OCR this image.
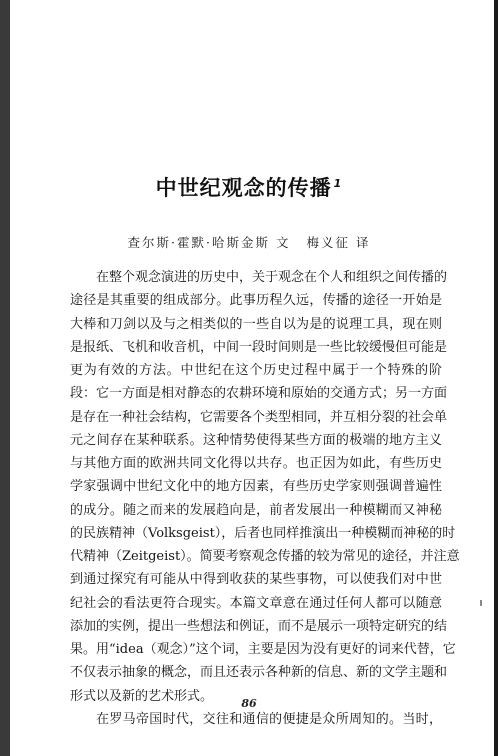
中世纪观念的传播 $^1$
查尔斯·霍默·哈斯金斯 文 梅义征 译
在整个观念演进的历史中，关于观念在个人和组织之间传播的
途径是其重要的组成部分。此事历程久远，传播的途径一开始是
大棒和刀剑以及与之相类似的一些自以为是的说理工具，现在则
是报纸、飞机和收音机，中间一段时间则是一些比较缓慢但可能是
更为有效的方法。中世纪在这个历史过程中属于一个特殊的阶
段：它一方面是相对静态的农耕环境和原始的交通方式；另一方面
是存在一种社会结构，它需要各个类型相同，并互相分裂的社会单
元之间存在某种联系。这种情势使得某些方面的极端的地方主义
与其他方面的欧洲共同文化得以共存。也正因为如此，有些历史
学家强调中世纪文化中的地方因素，有些历史学家则强调普遍性
的成分。随之而来的发展趋向是，前者发展出一种模糊而又神秘
的民族精神（Volksgeist），后者也同样推演出一种模糊而神秘的时
代精神（Zeitgeist）。简要考察观念传播的较为常见的途径，并注意
到通过探究有可能从中得到收获的某些事物，可以使我们对中世
纪社会的看法更符合现实。本篇文章意在通过任何人都可以随意
添加的实例，提出一些想法和例证，而不是展示一项特定研究的结
果。用“idea（观念）”这个词，主要是因为没有更好的词来代替，它
不仅表示抽象的概念，而且还表示各种新的信息、新的文学主题和
形式以及新的艺术形式。
在罗马帝国时代，交往和通信的便捷是众所周知的。当时，
86
